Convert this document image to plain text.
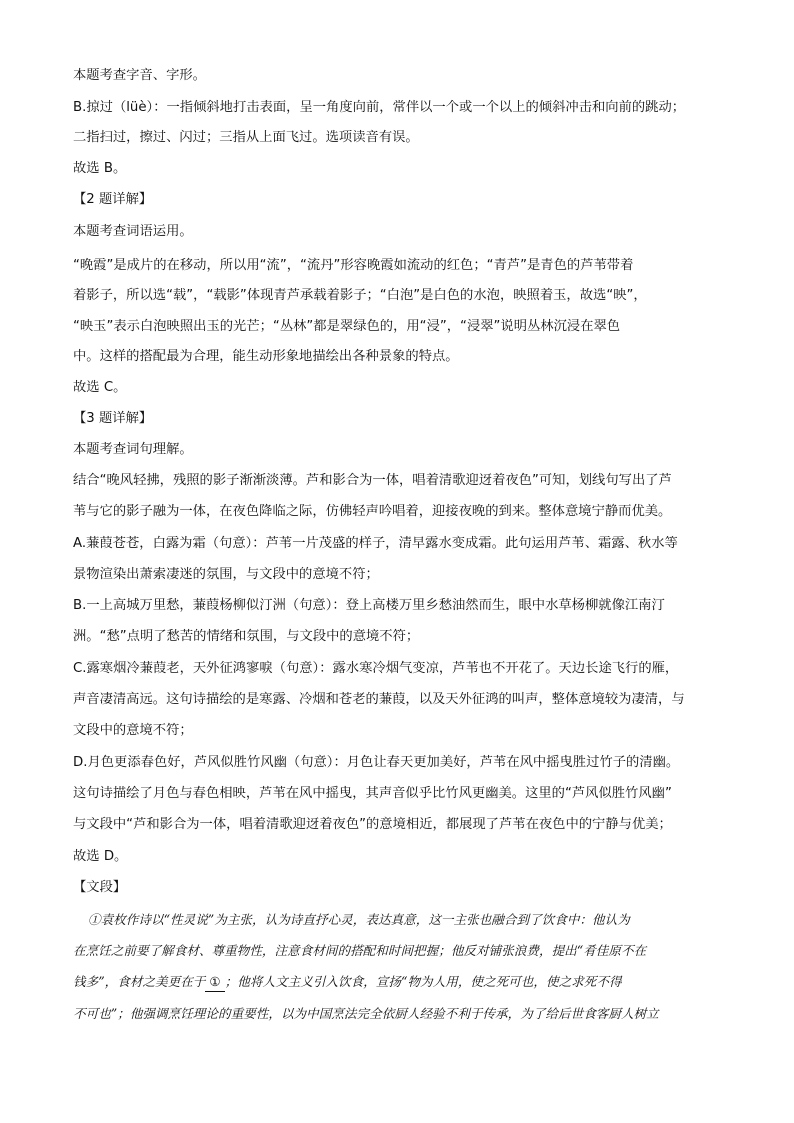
本题考查字音、字形。
B.掠过（lüè）：一指倾斜地打击表面，呈一角度向前，常伴以一个或一个以上的倾斜冲击和向前的跳动；
二指扫过，擦过、闪过；三指从上面飞过。选项读音有误。
故选 B。
【2 题详解】
本题考查词语运用。
“晚霞”是成片的在移动，所以用“流”，“流丹”形容晚霞如流动的红色；“青芦”是青色的芦苇带着
着影子，所以选“载”，“载影”体现青芦承载着影子；“白泡”是白色的水泡，映照着玉，故选“映”，
“映玉”表示白泡映照出玉的光芒；“丛林”都是翠绿色的，用“浸”，“浸翠”说明丛林沉浸在翠色
中。这样的搭配最为合理，能生动形象地描绘出各种景象的特点。
故选 C。
【3 题详解】
本题考查词句理解。
结合“晚风轻拂，残照的影子渐渐淡薄。芦和影合为一体，唱着清歌迎迓着夜色”可知，划线句写出了芦
苇与它的影子融为一体，在夜色降临之际，仿佛轻声吟唱着，迎接夜晚的到来。整体意境宁静而优美。
A.蒹葭苍苍，白露为霜（句意）：芦苇一片茂盛的样子，清早露水变成霜。此句运用芦苇、霜露、秋水等
景物渲染出萧索凄迷的氛围，与文段中的意境不符；
B.一上高城万里愁，蒹葭杨柳似汀洲（句意）：登上高楼万里乡愁油然而生，眼中水草杨柳就像江南汀
洲。“愁”点明了愁苦的情绪和氛围，与文段中的意境不符；
C.露寒烟冷蒹葭老，天外征鸿寥唳（句意）：露水寒冷烟气变凉，芦苇也不开花了。天边长途飞行的雁，
声音凄清高远。这句诗描绘的是寒露、冷烟和苍老的蒹葭，以及天外征鸿的叫声，整体意境较为凄清，与
文段中的意境不符；
D.月色更添春色好，芦风似胜竹风幽（句意）：月色让春天更加美好，芦苇在风中摇曳胜过竹子的清幽。
这句诗描绘了月色与春色相映，芦苇在风中摇曳，其声音似乎比竹风更幽美。这里的“芦风似胜竹风幽”
与文段中“芦和影合为一体，唱着清歌迎迓着夜色”的意境相近，都展现了芦苇在夜色中的宁静与优美；
故选 D。
【文段】
①袁枚作诗以“性灵说”为主张，认为诗直抒心灵，表达真意，这一主张也融合到了饮食中：他认为
在烹饪之前要了解食材、尊重物性，注意食材间的搭配和时间把握；他反对铺张浪费，提出“肴佳原不在
钱多”，食材之美更在于 ① ；他将人文主义引入饮食，宣扬“物为人用，使之死可也，使之求死不得
不可也”；他强调烹饪理论的重要性，以为中国烹法完全依厨人经验不利于传承，为了给后世食客厨人树立
